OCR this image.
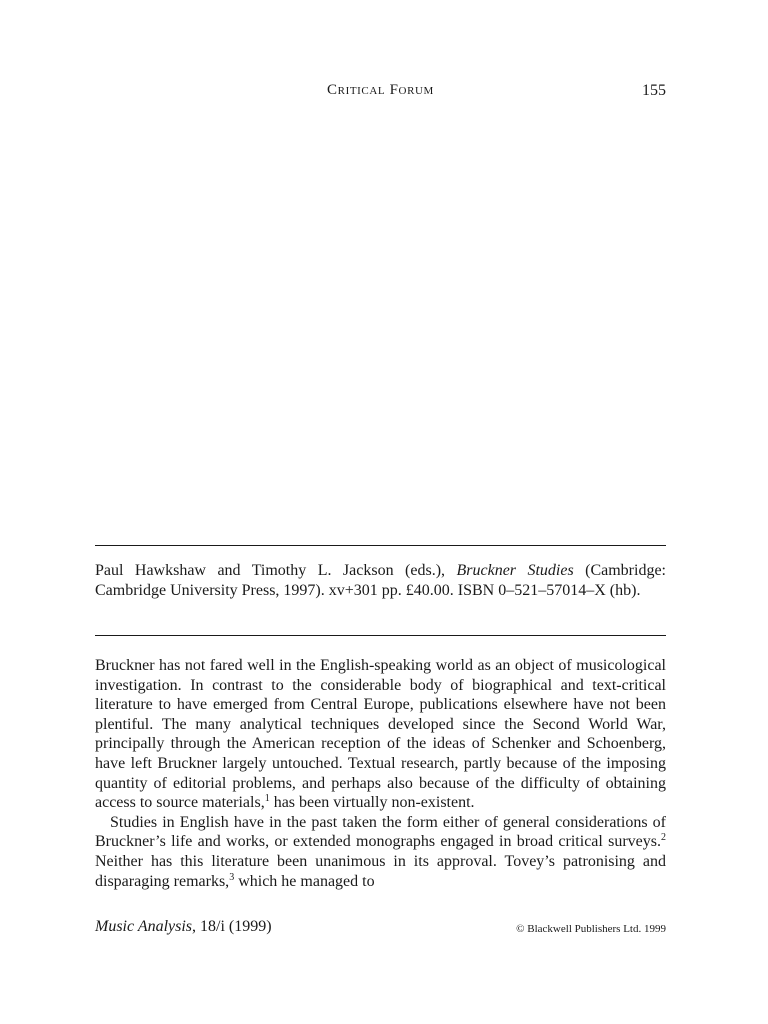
Critical Forum	155

Paul Hawkshaw and Timothy L. Jackson (eds.), Bruckner Studies (Cambridge: Cambridge University Press, 1997). xv+301 pp. £40.00. ISBN 0–521–57014–X (hb).

Bruckner has not fared well in the English-speaking world as an object of musicological investigation. In contrast to the considerable body of biographical and text-critical literature to have emerged from Central Europe, publications elsewhere have not been plentiful. The many analytical techniques developed since the Second World War, principally through the American reception of the ideas of Schenker and Schoenberg, have left Bruckner largely untouched. Textual research, partly because of the imposing quantity of editorial problems, and perhaps also because of the difficulty of obtaining access to source materials,$^1$ has been virtually non-existent.

Studies in English have in the past taken the form either of general considerations of Bruckner’s life and works, or extended monographs engaged in broad critical surveys.$^2$ Neither has this literature been unanimous in its approval. Tovey’s patronising and disparaging remarks,$^3$ which he managed to

Music Analysis, 18/i (1999)	© Blackwell Publishers Ltd. 1999
